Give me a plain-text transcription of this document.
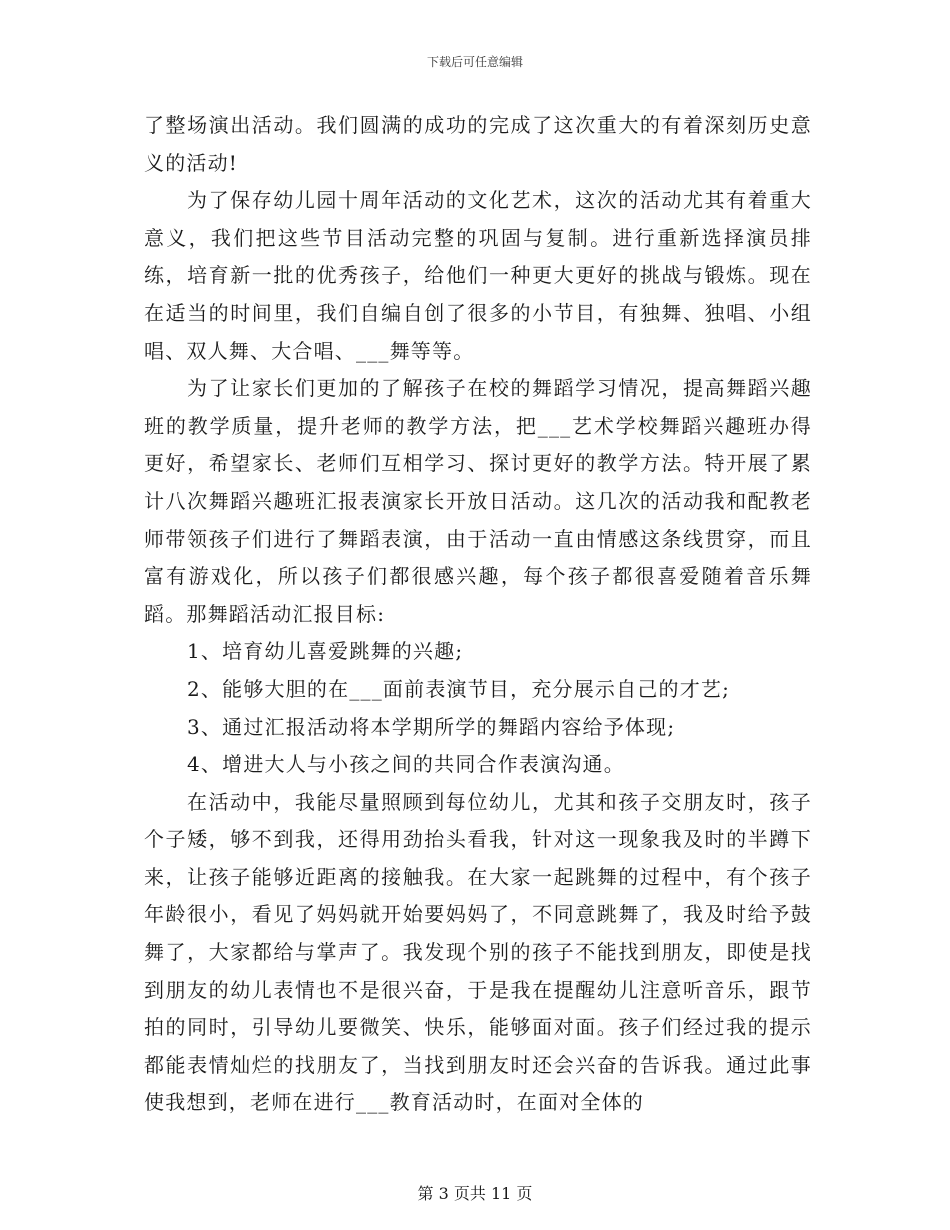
下载后可任意编辑

了整场演出活动。我们圆满的成功的完成了这次重大的有着深刻历史意义的活动!

为了保存幼儿园十周年活动的文化艺术，这次的活动尤其有着重大意义，我们把这些节目活动完整的巩固与复制。进行重新选择演员排练，培育新一批的优秀孩子，给他们一种更大更好的挑战与锻炼。现在在适当的时间里，我们自编自创了很多的小节目，有独舞、独唱、小组唱、双人舞、大合唱、___舞等等。

为了让家长们更加的了解孩子在校的舞蹈学习情况，提高舞蹈兴趣班的教学质量，提升老师的教学方法，把___艺术学校舞蹈兴趣班办得更好，希望家长、老师们互相学习、探讨更好的教学方法。特开展了累计八次舞蹈兴趣班汇报表演家长开放日活动。这几次的活动我和配教老师带领孩子们进行了舞蹈表演，由于活动一直由情感这条线贯穿，而且富有游戏化，所以孩子们都很感兴趣，每个孩子都很喜爱随着音乐舞蹈。那舞蹈活动汇报目标:

1、培育幼儿喜爱跳舞的兴趣;

2、能够大胆的在___面前表演节目，充分展示自己的才艺;

3、通过汇报活动将本学期所学的舞蹈内容给予体现;

4、增进大人与小孩之间的共同合作表演沟通。

在活动中，我能尽量照顾到每位幼儿，尤其和孩子交朋友时，孩子个子矮，够不到我，还得用劲抬头看我，针对这一现象我及时的半蹲下来，让孩子能够近距离的接触我。在大家一起跳舞的过程中，有个孩子年龄很小，看见了妈妈就开始要妈妈了，不同意跳舞了，我及时给予鼓舞了，大家都给与掌声了。我发现个别的孩子不能找到朋友，即使是找到朋友的幼儿表情也不是很兴奋，于是我在提醒幼儿注意听音乐，跟节拍的同时，引导幼儿要微笑、快乐，能够面对面。孩子们经过我的提示都能表情灿烂的找朋友了，当找到朋友时还会兴奋的告诉我。通过此事使我想到，老师在进行___教育活动时，在面对全体的

第 3 页共 11 页
